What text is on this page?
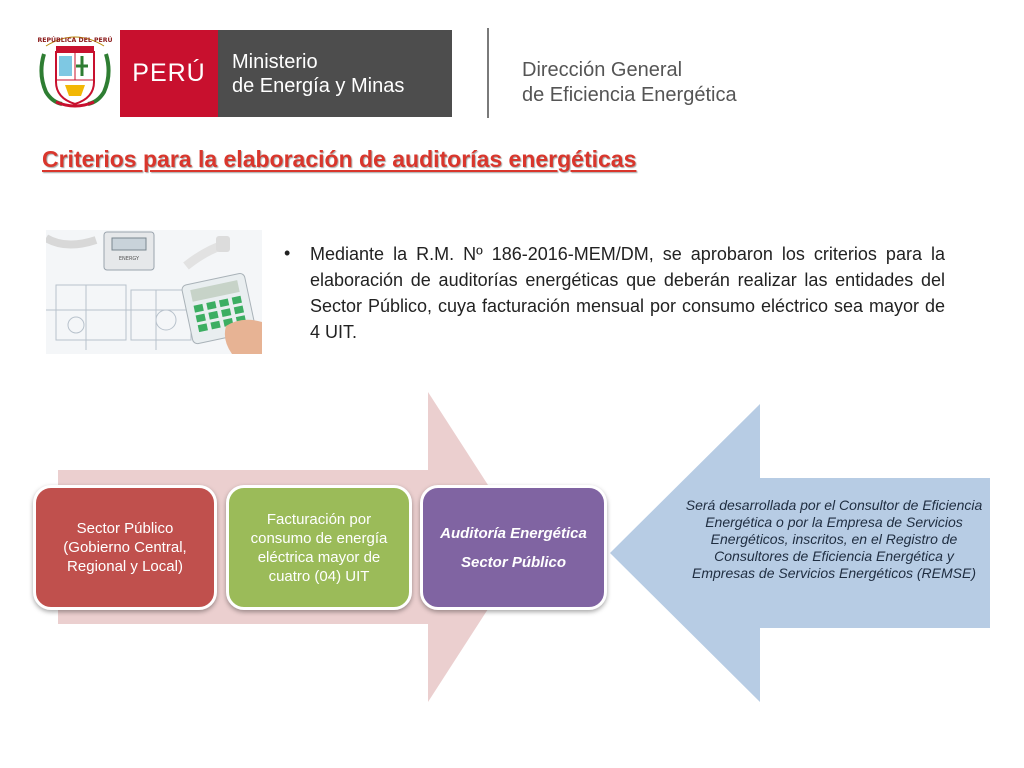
REPÚBLICA DEL PERÚ
PERÚ Ministerio
de Energía y Minas
Dirección General
de Eficiencia Energética
Criterios para la elaboración de auditorías energéticas
ENERGY	• Mediante la R.M. Nº 186-2016-MEM/DM, se aprobaron los criterios para la elaboración de auditorías energéticas que deberán realizar las entidades del Sector Público, cuya facturación mensual por consumo eléctrico sea mayor de 4 UIT.
Sector Público (Gobierno Central, Regional y Local)
Facturación por consumo de energía eléctrica mayor de cuatro (04) UIT
Auditoría Energética
Sector Público
Será desarrollada por el Consultor de Eficiencia Energética o por la Empresa de Servicios Energéticos, inscritos, en el Registro de Consultores de Eficiencia Energética y Empresas de Servicios Energéticos (REMSE)
